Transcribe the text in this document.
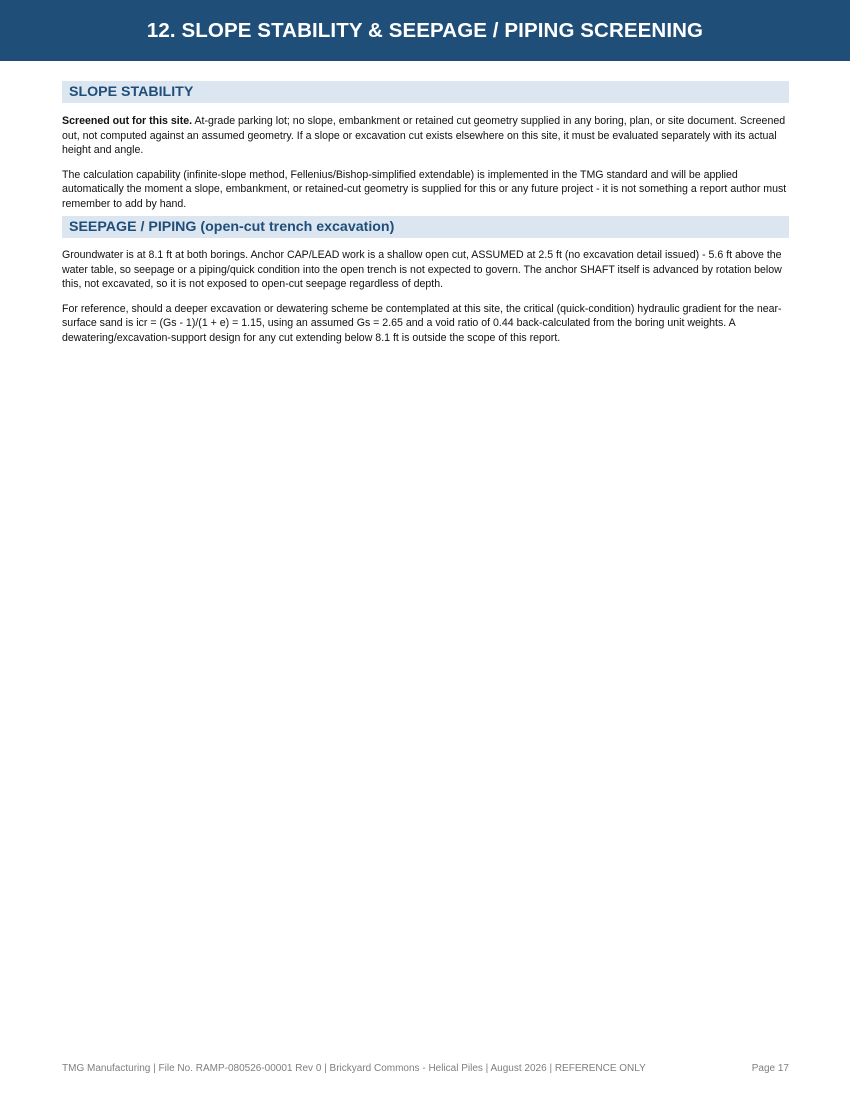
12. SLOPE STABILITY & SEEPAGE / PIPING SCREENING
SLOPE STABILITY

Screened out for this site. At-grade parking lot; no slope, embankment or retained cut geometry supplied in any boring, plan, or site document. Screened out, not computed against an assumed geometry. If a slope or excavation cut exists elsewhere on this site, it must be evaluated separately with its actual height and angle.

The calculation capability (infinite-slope method, Fellenius/Bishop-simplified extendable) is implemented in the TMG standard and will be applied automatically the moment a slope, embankment, or retained-cut geometry is supplied for this or any future project - it is not something a report author must remember to add by hand.

SEEPAGE / PIPING (open-cut trench excavation)

Groundwater is at 8.1 ft at both borings. Anchor CAP/LEAD work is a shallow open cut, ASSUMED at 2.5 ft (no excavation detail issued) - 5.6 ft above the water table, so seepage or a piping/quick condition into the open trench is not expected to govern. The anchor SHAFT itself is advanced by rotation below this, not excavated, so it is not exposed to open-cut seepage regardless of depth.

For reference, should a deeper excavation or dewatering scheme be contemplated at this site, the critical (quick-condition) hydraulic gradient for the near-surface sand is icr = (Gs - 1)/(1 + e) = 1.15, using an assumed Gs = 2.65 and a void ratio of 0.44 back-calculated from the boring unit weights. A dewatering/excavation-support design for any cut extending below 8.1 ft is outside the scope of this report.

TMG Manufacturing | File No. RAMP-080526-00001 Rev 0 | Brickyard Commons - Helical Piles | August 2026 | REFERENCE ONLY	Page 17
